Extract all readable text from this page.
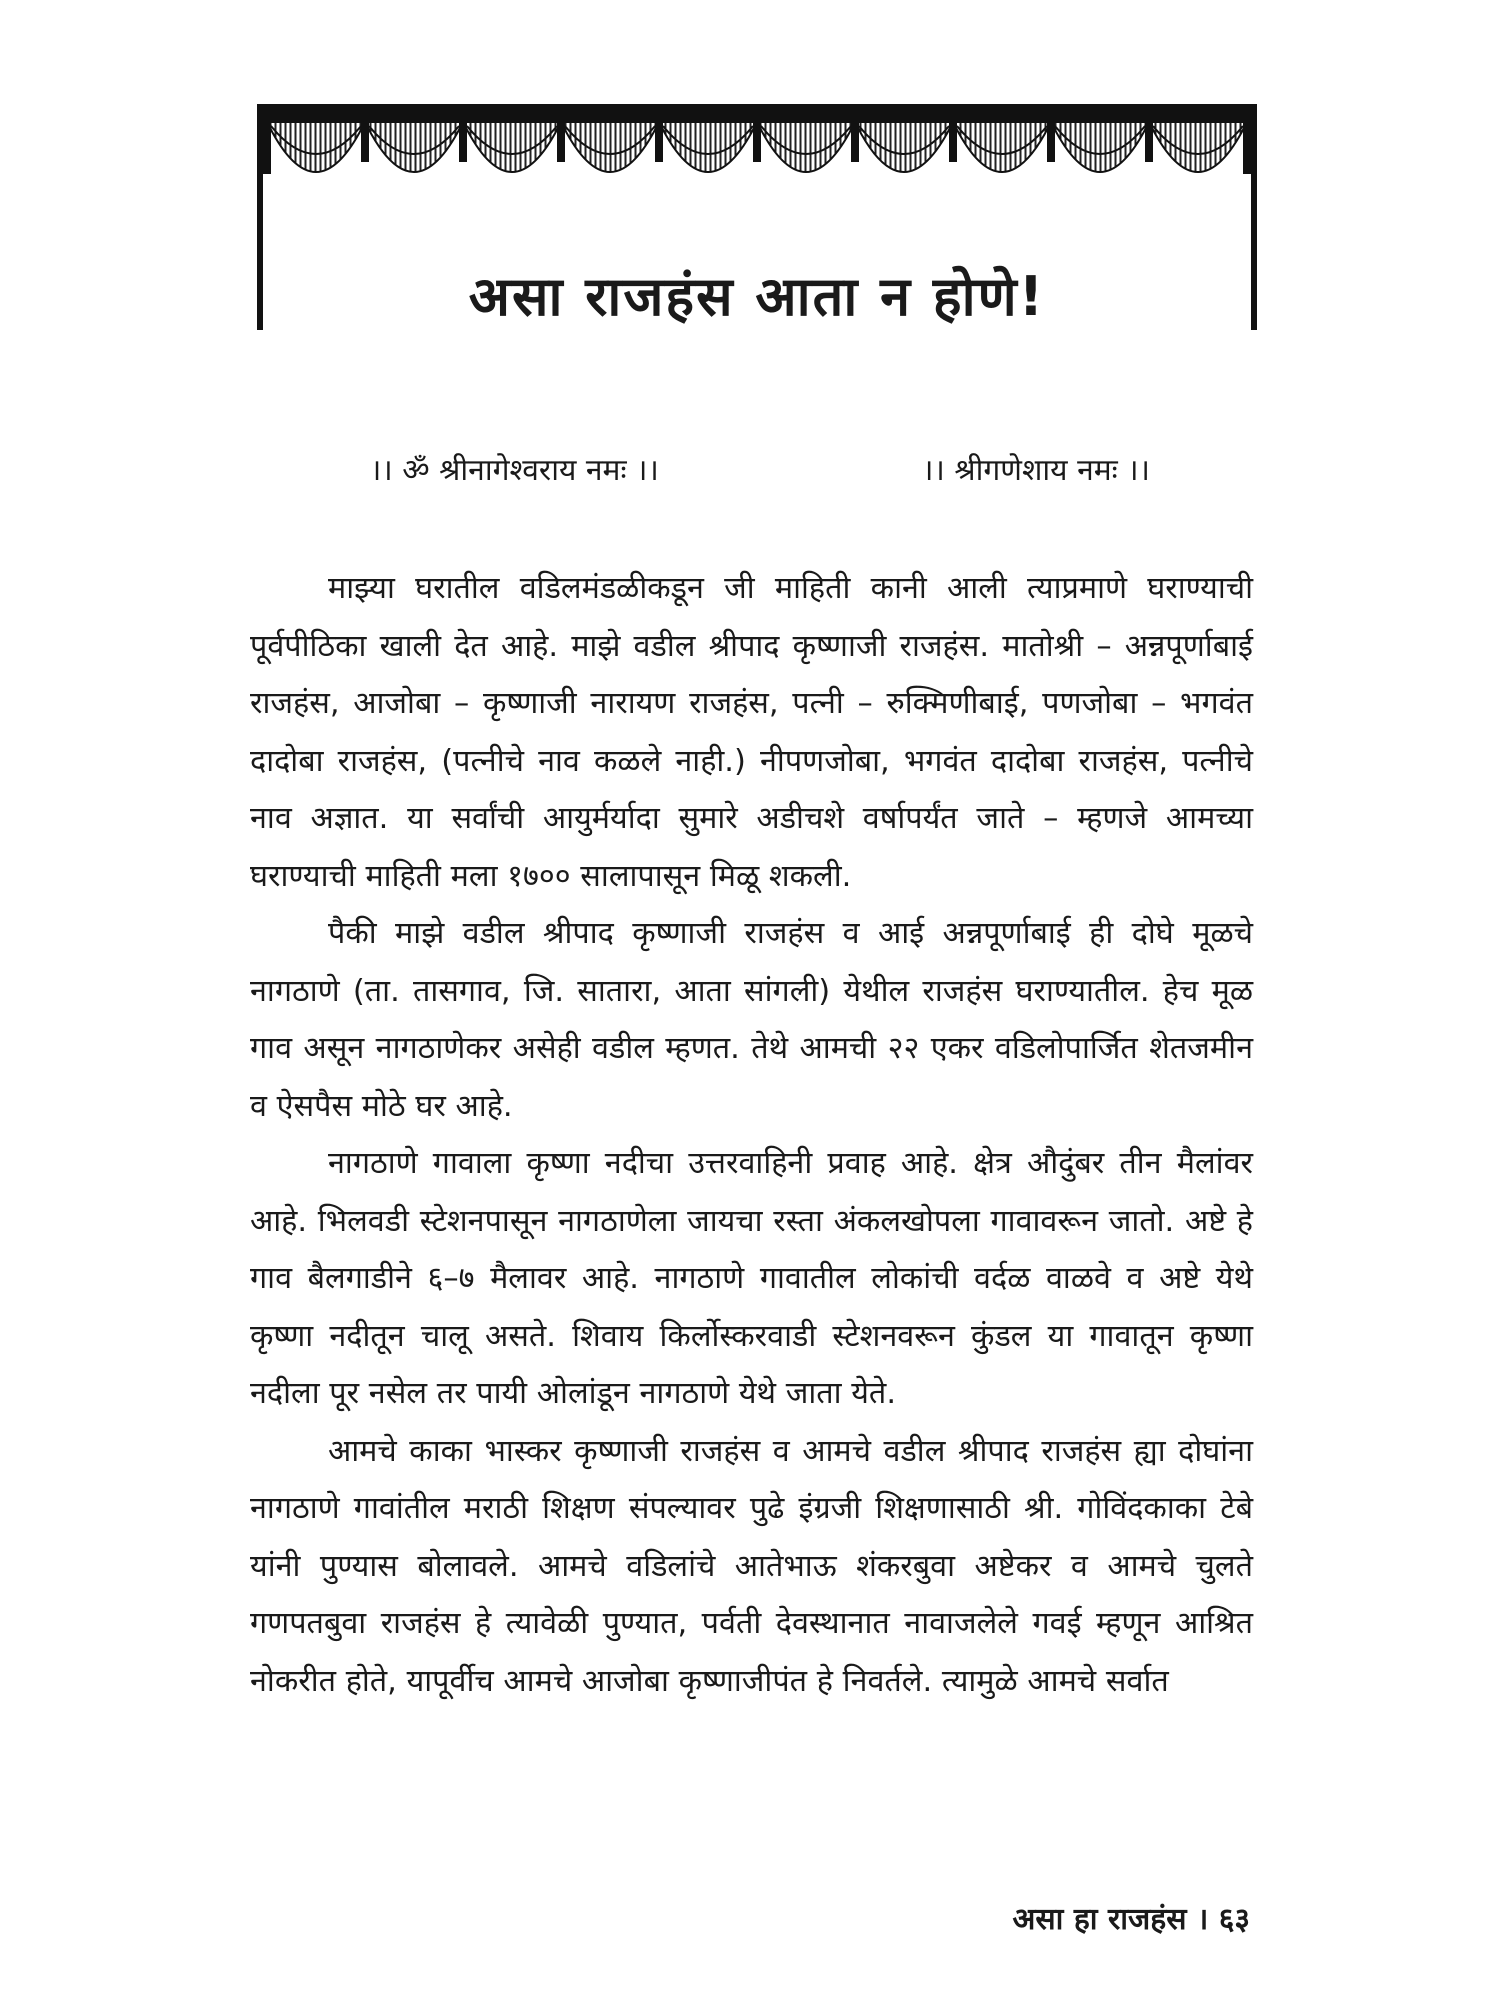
असा राजहंस आता न होणे!
।। ॐ श्रीनागेश्वराय नमः ।।	।। श्रीगणेशाय नमः ।।

माझ्या घरातील वडिलमंडळीकडून जी माहिती कानी आली त्याप्रमाणे घराण्याची पूर्वपीठिका खाली देत आहे. माझे वडील श्रीपाद कृष्णाजी राजहंस. मातोश्री – अन्नपूर्णाबाई राजहंस, आजोबा – कृष्णाजी नारायण राजहंस, पत्नी – रुक्मिणीबाई, पणजोबा – भगवंत दादोबा राजहंस, (पत्नीचे नाव कळले नाही.) नीपणजोबा, भगवंत दादोबा राजहंस, पत्नीचे नाव अज्ञात. या सर्वांची आयुर्मर्यादा सुमारे अडीचशे वर्षापर्यंत जाते – म्हणजे आमच्या घराण्याची माहिती मला १७०० सालापासून मिळू शकली.

पैकी माझे वडील श्रीपाद कृष्णाजी राजहंस व आई अन्नपूर्णाबाई ही दोघे मूळचे नागठाणे (ता. तासगाव, जि. सातारा, आता सांगली) येथील राजहंस घराण्यातील. हेच मूळ गाव असून नागठाणेकर असेही वडील म्हणत. तेथे आमची २२ एकर वडिलोपार्जित शेतजमीन व ऐसपैस मोठे घर आहे.

नागठाणे गावाला कृष्णा नदीचा उत्तरवाहिनी प्रवाह आहे. क्षेत्र औदुंबर तीन मैलांवर आहे. भिलवडी स्टेशनपासून नागठाणेला जायचा रस्ता अंकलखोपला गावावरून जातो. अष्टे हे गाव बैलगाडीने ६–७ मैलावर आहे. नागठाणे गावातील लोकांची वर्दळ वाळवे व अष्टे येथे कृष्णा नदीतून चालू असते. शिवाय किर्लोस्करवाडी स्टेशनवरून कुंडल या गावातून कृष्णा नदीला पूर नसेल तर पायी ओलांडून नागठाणे येथे जाता येते.

आमचे काका भास्कर कृष्णाजी राजहंस व आमचे वडील श्रीपाद राजहंस ह्या दोघांना नागठाणे गावांतील मराठी शिक्षण संपल्यावर पुढे इंग्रजी शिक्षणासाठी श्री. गोविंदकाका टेबे यांनी पुण्यास बोलावले. आमचे वडिलांचे आतेभाऊ शंकरबुवा अष्टेकर व आमचे चुलते गणपतबुवा राजहंस हे त्यावेळी पुण्यात, पर्वती देवस्थानात नावाजलेले गवई म्हणून आश्रित नोकरीत होते, यापूर्वीच आमचे आजोबा कृष्णाजीपंत हे निवर्तले. त्यामुळे आमचे सर्वात

असा हा राजहंस । ६३
